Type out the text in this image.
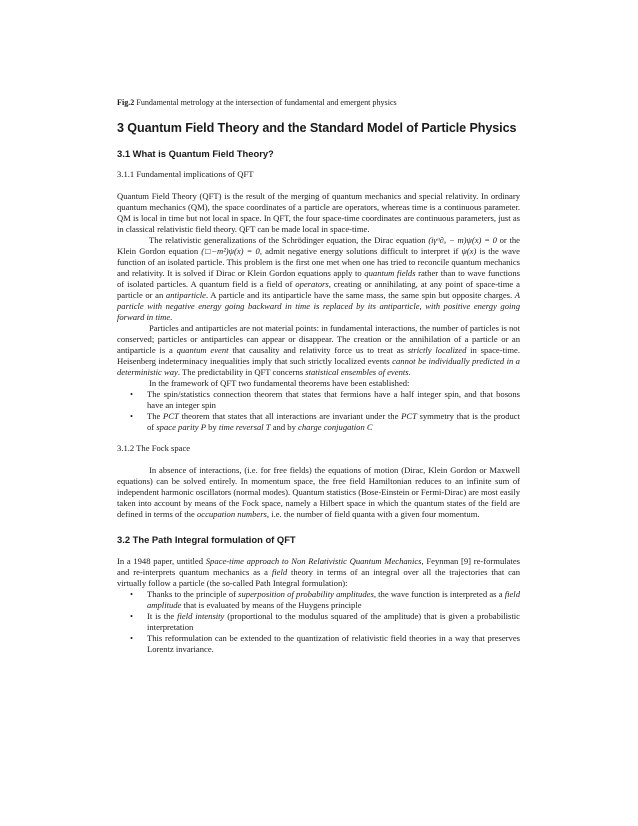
Fig.2 Fundamental metrology at the intersection of fundamental and emergent physics

3 Quantum Field Theory and the Standard Model of Particle Physics
3.1 What is Quantum Field Theory?

3.1.1 Fundamental implications of QFT

Quantum Field Theory (QFT) is the result of the merging of quantum mechanics and special relativity. In ordinary quantum mechanics (QM), the space coordinates of a particle are operators, whereas time is a continuous parameter. QM is local in time but not local in space. In QFT, the four space-time coordinates are continuous parameters, just as in classical relativistic field theory. QFT can be made local in space-time.

The relativistic generalizations of the Schrödinger equation, the Dirac equation (iγᵘ∂ᵤ − m)ψ(x) = 0 or the Klein Gordon equation (□−m²)ψ(x) = 0, admit negative energy solutions difficult to interpret if ψ(x) is the wave function of an isolated particle. This problem is the first one met when one has tried to reconcile quantum mechanics and relativity. It is solved if Dirac or Klein Gordon equations apply to quantum fields rather than to wave functions of isolated particles. A quantum field is a field of operators, creating or annihilating, at any point of space-time a particle or an antiparticle. A particle and its antiparticle have the same mass, the same spin but opposite charges. A particle with negative energy going backward in time is replaced by its antiparticle, with positive energy going forward in time.

Particles and antiparticles are not material points: in fundamental interactions, the number of particles is not conserved; particles or antiparticles can appear or disappear. The creation or the annihilation of a particle or an antiparticle is a quantum event that causality and relativity force us to treat as strictly localized in space-time. Heisenberg indeterminacy inequalities imply that such strictly localized events cannot be individually predicted in a deterministic way. The predictability in QFT concerns statistical ensembles of events.

In the framework of QFT two fundamental theorems have been established:

• The spin/statistics connection theorem that states that fermions have a half integer spin, and that bosons have an integer spin
• The PCT theorem that states that all interactions are invariant under the PCT symmetry that is the product of space parity P by time reversal T and by charge conjugation C

3.1.2 The Fock space

In absence of interactions, (i.e. for free fields) the equations of motion (Dirac, Klein Gordon or Maxwell equations) can be solved entirely. In momentum space, the free field Hamiltonian reduces to an infinite sum of independent harmonic oscillators (normal modes). Quantum statistics (Bose-Einstein or Fermi-Dirac) are most easily taken into account by means of the Fock space, namely a Hilbert space in which the quantum states of the field are defined in terms of the occupation numbers, i.e. the number of field quanta with a given four momentum.

3.2 The Path Integral formulation of QFT

In a 1948 paper, untitled Space-time approach to Non Relativistic Quantum Mechanics, Feynman [9] re-formulates and re-interprets quantum mechanics as a field theory in terms of an integral over all the trajectories that can virtually follow a particle (the so-called Path Integral formulation):

• Thanks to the principle of superposition of probability amplitudes, the wave function is interpreted as a field amplitude that is evaluated by means of the Huygens principle
• It is the field intensity (proportional to the modulus squared of the amplitude) that is given a probabilistic interpretation
• This reformulation can be extended to the quantization of relativistic field theories in a way that preserves Lorentz invariance.
